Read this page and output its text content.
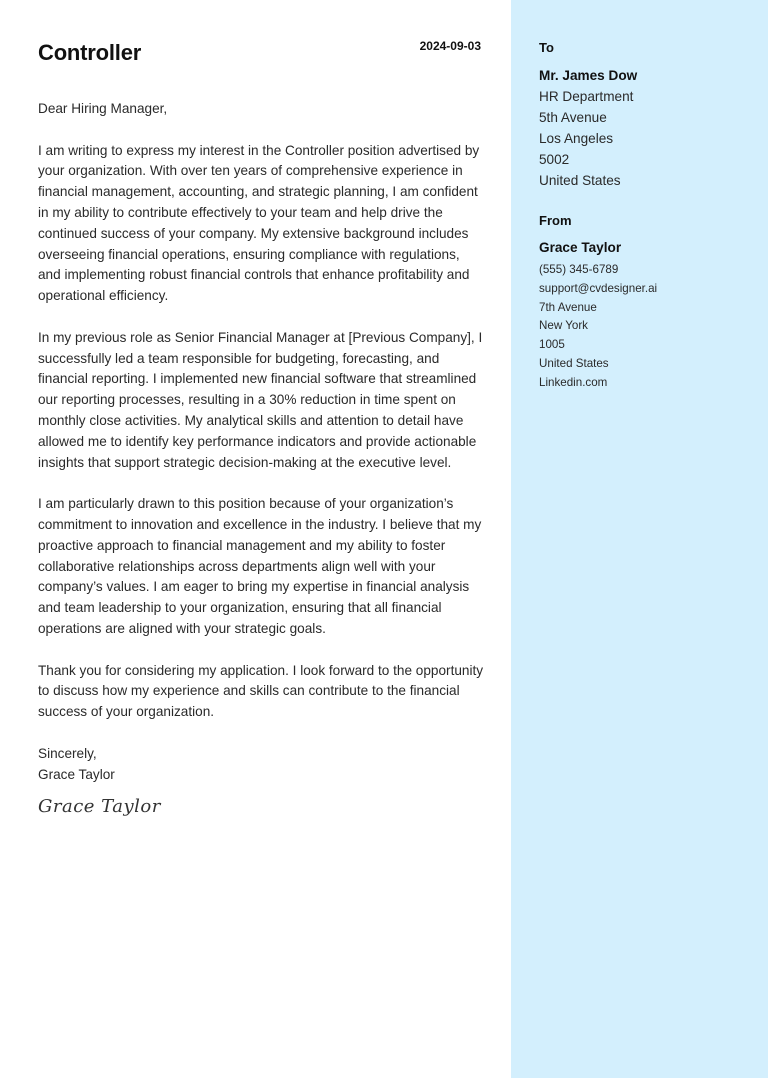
Controller	2024-09-03

Dear Hiring Manager,

I am writing to express my interest in the Controller position advertised by your organization. With over ten years of comprehensive experience in financial management, accounting, and strategic planning, I am confident in my ability to contribute effectively to your team and help drive the continued success of your company. My extensive background includes overseeing financial operations, ensuring compliance with regulations, and implementing robust financial controls that enhance profitability and operational efficiency.

In my previous role as Senior Financial Manager at [Previous Company], I successfully led a team responsible for budgeting, forecasting, and financial reporting. I implemented new financial software that streamlined our reporting processes, resulting in a 30% reduction in time spent on monthly close activities. My analytical skills and attention to detail have allowed me to identify key performance indicators and provide actionable insights that support strategic decision-making at the executive level.

I am particularly drawn to this position because of your organization’s commitment to innovation and excellence in the industry. I believe that my proactive approach to financial management and my ability to foster collaborative relationships across departments align well with your company’s values. I am eager to bring my expertise in financial analysis and team leadership to your organization, ensuring that all financial operations are aligned with your strategic goals.

Thank you for considering my application. I look forward to the opportunity to discuss how my experience and skills can contribute to the financial success of your organization.

Sincerely,

Grace Taylor

Grace Taylor
To
Mr. James Dow
HR Department
5th Avenue
Los Angeles
5002
United States
From
Grace Taylor
(555) 345-6789
support@cvdesigner.ai
7th Avenue
New York
1005
United States
Linkedin.com
